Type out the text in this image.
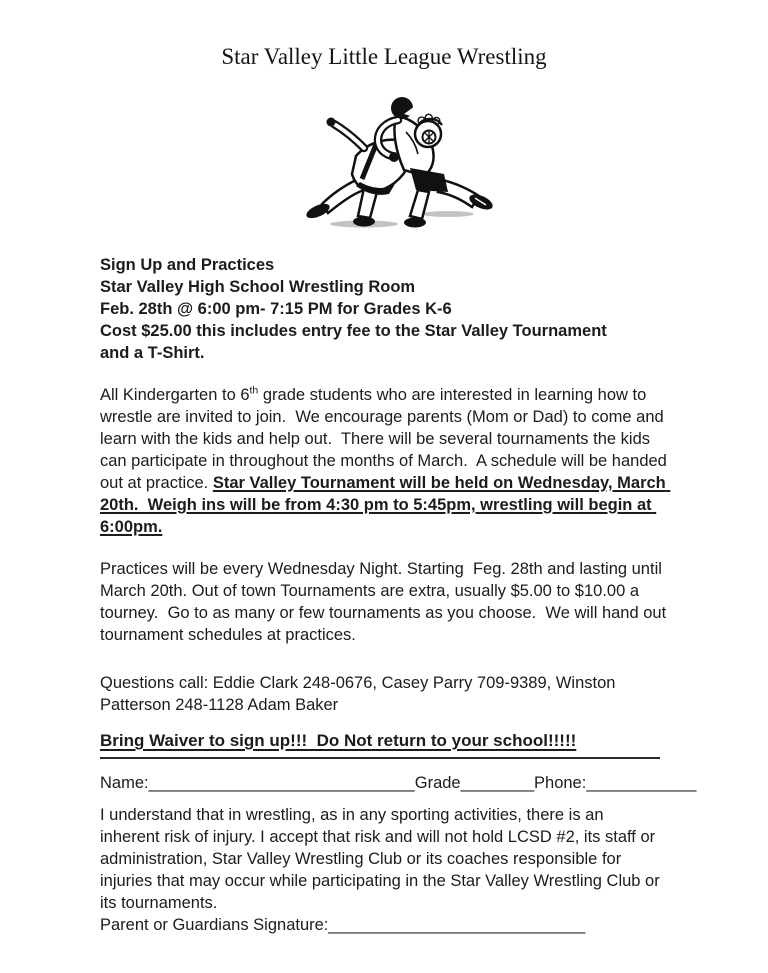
Star Valley Little League Wrestling
Sign Up and Practices
Star Valley High School Wrestling Room
Feb. 28th @ 6:00 pm- 7:15 PM for Grades K-6
Cost $25.00 this includes entry fee to the Star Valley Tournament
and a T-Shirt.

All Kindergarten to 6th grade students who are interested in learning how to wrestle are invited to join.  We encourage parents (Mom or Dad) to come and learn with the kids and help out.  There will be several tournaments the kids can participate in throughout the months of March.  A schedule will be handed out at practice. Star Valley Tournament will be held on Wednesday, March 20th.  Weigh ins will be from 4:30 pm to 5:45pm, wrestling will begin at 6:00pm.

Practices will be every Wednesday Night. Starting  Feg. 28th and lasting until March 20th. Out of town Tournaments are extra, usually $5.00 to $10.00 a tourney.  Go to as many or few tournaments as you choose.  We will hand out tournament schedules at practices.

Questions call: Eddie Clark 248-0676, Casey Parry 709-9389, Winston Patterson 248-1128 Adam Baker

Bring Waiver to sign up!!!  Do Not return to your school!!!!!
Name:_____________________________Grade________Phone:____________

I understand that in wrestling, as in any sporting activities, there is an inherent risk of injury. I accept that risk and will not hold LCSD #2, its staff or administration, Star Valley Wrestling Club or its coaches responsible for injuries that may occur while participating in the Star Valley Wrestling Club or its tournaments.

Parent or Guardians Signature:____________________________
